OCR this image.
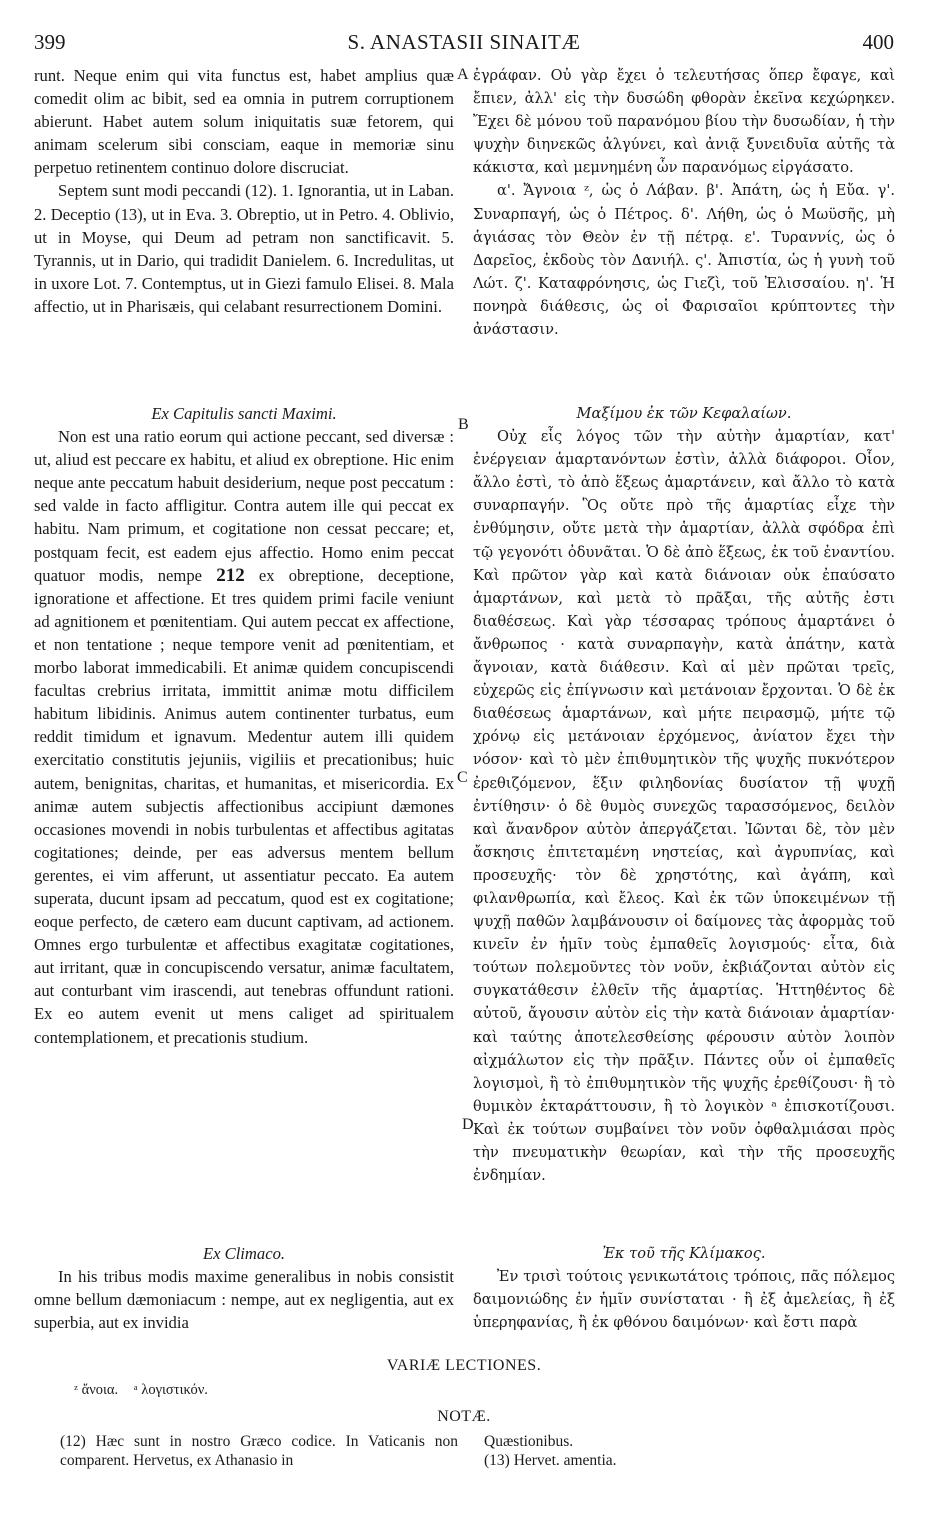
399	S. ANASTASII SINAITÆ	400
A
B
C
D

runt. Neque enim qui vita functus est, habet amplius quæ comedit olim ac bibit, sed ea omnia in putrem corruptionem abierunt. Habet autem solum iniquitatis suæ fetorem, qui animam scelerum sibi consciam, eaque in memoriæ sinu perpetuo retinentem continuo dolore discruciat.

Septem sunt modi peccandi (12). 1. Ignorantia, ut in Laban. 2. Deceptio (13), ut in Eva. 3. Obreptio, ut in Petro. 4. Oblivio, ut in Moyse, qui Deum ad petram non sanctificavit. 5. Tyrannis, ut in Dario, qui tradidit Danielem. 6. Incredulitas, ut in uxore Lot. 7. Contemptus, ut in Giezi famulo Elisei. 8. Mala affectio, ut in Pharisæis, qui celabant resurrectionem Domini.

Ex Capitulis sancti Maximi.

Non est una ratio eorum qui actione peccant, sed diversæ : ut, aliud est peccare ex habitu, et aliud ex obreptione. Hic enim neque ante peccatum habuit desiderium, neque post peccatum : sed valde in facto affligitur. Contra autem ille qui peccat ex habitu. Nam primum, et cogitatione non cessat peccare; et, postquam fecit, est eadem ejus affectio. Homo enim peccat quatuor modis, nempe 212 ex obreptione, deceptione, ignoratione et affectione. Et tres quidem primi facile veniunt ad agnitionem et pœnitentiam. Qui autem peccat ex affectione, et non tentatione ; neque tempore venit ad pœnitentiam, et morbo laborat immedicabili. Et animæ quidem concupiscendi facultas crebrius irritata, immittit animæ motu difficilem habitum libidinis. Animus autem continenter turbatus, eum reddit timidum et ignavum. Medentur autem illi quidem exercitatio constitutis jejuniis, vigiliis et precationibus; huic autem, benignitas, charitas, et humanitas, et misericordia. Ex animæ autem subjectis affectionibus accipiunt dæmones occasiones movendi in nobis turbulentas et affectibus agitatas cogitationes; deinde, per eas adversus mentem bellum gerentes, ei vim afferunt, ut assentiatur peccato. Ea autem superata, ducunt ipsam ad peccatum, quod est ex cogitatione; eoque perfecto, de cætero eam ducunt captivam, ad actionem. Omnes ergo turbulentæ et affectibus exagitatæ cogitationes, aut irritant, quæ in concupiscendo versatur, animæ facultatem, aut conturbant vim irascendi, aut tenebras offundunt rationi. Ex eo autem evenit ut mens caliget ad spiritualem contemplationem, et precationis studium.

Ex Climaco.

In his tribus modis maxime generalibus in nobis consistit omne bellum dæmoniacum : nempe, aut ex negligentia, aut ex superbia, aut ex invidia

ἐγράφαν. Οὐ γὰρ ἔχει ὁ τελευτήσας ὅπερ ἔφαγε, καὶ ἔπιεν, ἀλλ' εἰς τὴν δυσώδη φθορὰν ἐκεῖνα κεχώρηκεν. Ἔχει δὲ μόνου τοῦ παρανόμου βίου τὴν δυσωδίαν, ἡ τὴν ψυχὴν διηνεκῶς ἀλγύνει, καὶ ἀνιᾷ ξυνειδυῖα αὐτῆς τὰ κάκιστα, καὶ μεμνημένη ὧν παρανόμως εἰργάσατο.

α'. Ἄγνοια ᶻ, ὡς ὁ Λάβαν. β'. Ἀπάτη, ὡς ἡ Εὔα. γ'. Συναρπαγή, ὡς ὁ Πέτρος. δ'. Λήθη, ὡς ὁ Μωϋσῆς, μὴ ἁγιάσας τὸν Θεὸν ἐν τῇ πέτρᾳ. ε'. Τυραννίς, ὡς ὁ Δαρεῖος, ἐκδοὺς τὸν Δανιήλ. ς'. Ἀπιστία, ὡς ἡ γυνὴ τοῦ Λώτ. ζ'. Καταφρόνησις, ὡς Γιεζὶ, τοῦ Ἐλισσαίου. η'. Ἡ πονηρὰ διάθεσις, ὡς οἱ Φαρισαῖοι κρύπτοντες τὴν ἀνάστασιν.

Μαξίμου ἐκ τῶν Κεφαλαίων.

Οὐχ εἷς λόγος τῶν τὴν αὐτὴν ἁμαρτίαν, κατ' ἐνέργειαν ἁμαρτανόντων ἐστὶν, ἀλλὰ διάφοροι. Οἷον, ἄλλο ἐστὶ, τὸ ἀπὸ ἕξεως ἁμαρτάνειν, καὶ ἄλλο τὸ κατὰ συναρπαγήν. Ὃς οὔτε πρὸ τῆς ἁμαρτίας εἶχε τὴν ἐνθύμησιν, οὔτε μετὰ τὴν ἁμαρτίαν, ἀλλὰ σφόδρα ἐπὶ τῷ γεγονότι ὀδυνᾶται. Ὁ δὲ ἀπὸ ἕξεως, ἐκ τοῦ ἐναντίου. Καὶ πρῶτον γὰρ καὶ κατὰ διάνοιαν οὐκ ἐπαύσατο ἁμαρτάνων, καὶ μετὰ τὸ πρᾶξαι, τῆς αὐτῆς ἐστι διαθέσεως. Καὶ γὰρ τέσσαρας τρόπους ἁμαρτάνει ὁ ἄνθρωπος · κατὰ συναρπαγὴν, κατὰ ἀπάτην, κατὰ ἄγνοιαν, κατὰ διάθεσιν. Καὶ αἱ μὲν πρῶται τρεῖς, εὐχερῶς εἰς ἐπίγνωσιν καὶ μετάνοιαν ἔρχονται. Ὁ δὲ ἐκ διαθέσεως ἁμαρτάνων, καὶ μήτε πειρασμῷ, μήτε τῷ χρόνῳ εἰς μετάνοιαν ἐρχόμενος, ἀνίατον ἔχει τὴν νόσον· καὶ τὸ μὲν ἐπιθυμητικὸν τῆς ψυχῆς πυκνότερον ἐρεθιζόμενον, ἕξιν φιληδονίας δυσίατον τῇ ψυχῇ ἐντίθησιν· ὁ δὲ θυμὸς συνεχῶς ταρασσόμενος, δειλὸν καὶ ἄνανδρον αὐτὸν ἀπεργάζεται. Ἰῶνται δὲ, τὸν μὲν ἄσκησις ἐπιτεταμένη νηστείας, καὶ ἀγρυπνίας, καὶ προσευχῆς· τὸν δὲ χρηστότης, καὶ ἀγάπη, καὶ φιλανθρωπία, καὶ ἔλεος. Καὶ ἐκ τῶν ὑποκειμένων τῇ ψυχῇ παθῶν λαμβάνουσιν οἱ δαίμονες τὰς ἀφορμὰς τοῦ κινεῖν ἐν ἡμῖν τοὺς ἐμπαθεῖς λογισμούς· εἶτα, διὰ τούτων πολεμοῦντες τὸν νοῦν, ἐκβιάζονται αὐτὸν εἰς συγκατάθεσιν ἐλθεῖν τῆς ἁμαρτίας. Ἡττηθέντος δὲ αὐτοῦ, ἄγουσιν αὐτὸν εἰς τὴν κατὰ διάνοιαν ἁμαρτίαν· καὶ ταύτης ἀποτελεσθείσης φέρουσιν αὐτὸν λοιπὸν αἰχμάλωτον εἰς τὴν πρᾶξιν. Πάντες οὖν οἱ ἐμπαθεῖς λογισμοὶ, ἢ τὸ ἐπιθυμητικὸν τῆς ψυχῆς ἐρεθίζουσι· ἢ τὸ θυμικὸν ἐκταράττουσιν, ἢ τὸ λογικὸν ᵃ ἐπισκοτίζουσι. Καὶ ἐκ τούτων συμβαίνει τὸν νοῦν ὀφθαλμιάσαι πρὸς τὴν πνευματικὴν θεωρίαν, καὶ τὴν τῆς προσευχῆς ἐνδημίαν.

Ἐκ τοῦ τῆς Κλίμακος.

Ἐν τρισὶ τούτοις γενικωτάτοις τρόποις, πᾶς πόλεμος δαιμονιώδης ἐν ἡμῖν συνίσταται · ἢ ἐξ ἀμελείας, ἢ ἐξ ὑπερηφανίας, ἢ ἐκ φθόνου δαιμόνων· καὶ ἔστι παρὰ

VARIÆ LECTIONES.
ᶻ ἄνοια. ᵃ λογιστικόν.
NOTÆ.
(12) Hæc sunt in nostro Græco codice. In Vaticanis non comparent. Hervetus, ex Athanasio in
Quæstionibus.
(13) Hervet. amentia.
